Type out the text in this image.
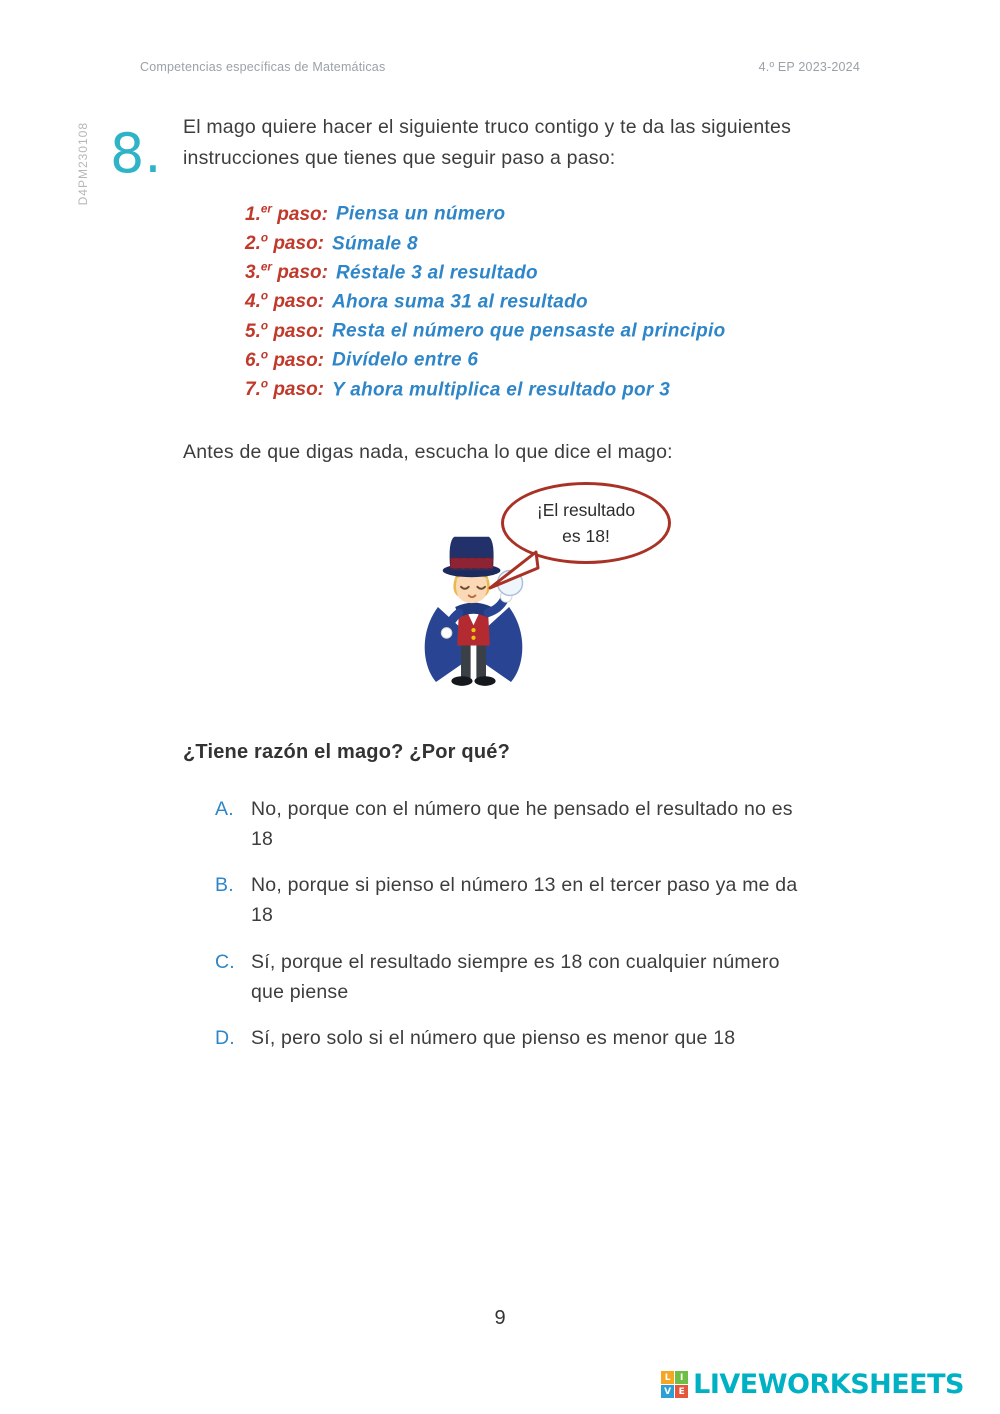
Competencias específicas de Matemáticas	4.º EP 2023-2024
D4PM230108 8. El mago quiere hacer el siguiente truco contigo y te da las siguientes instrucciones que tienes que seguir paso a paso:

1.$^{er}$ paso: Piensa un número
2.$^o$ paso: Súmale 8
3.$^{er}$ paso: Réstale 3 al resultado
4.$^o$ paso: Ahora suma 31 al resultado
5.$^o$ paso: Resta el número que pensaste al principio
6.$^o$ paso: Divídelo entre 6
7.$^o$ paso: Y ahora multiplica el resultado por 3

Antes de que digas nada, escucha lo que dice el mago:

¡El resultado
es 18!

¿Tiene razón el mago? ¿Por qué?

A. No, porque con el número que he pensado el resultado no es 18
B. No, porque si pienso el número 13 en el tercer paso ya me da 18
C. Sí, porque el resultado siempre es 18 con cualquier número que piense
D. Sí, pero solo si el número que pienso es menor que 18
9
L	I
V E LIVEWORKSHEETS
